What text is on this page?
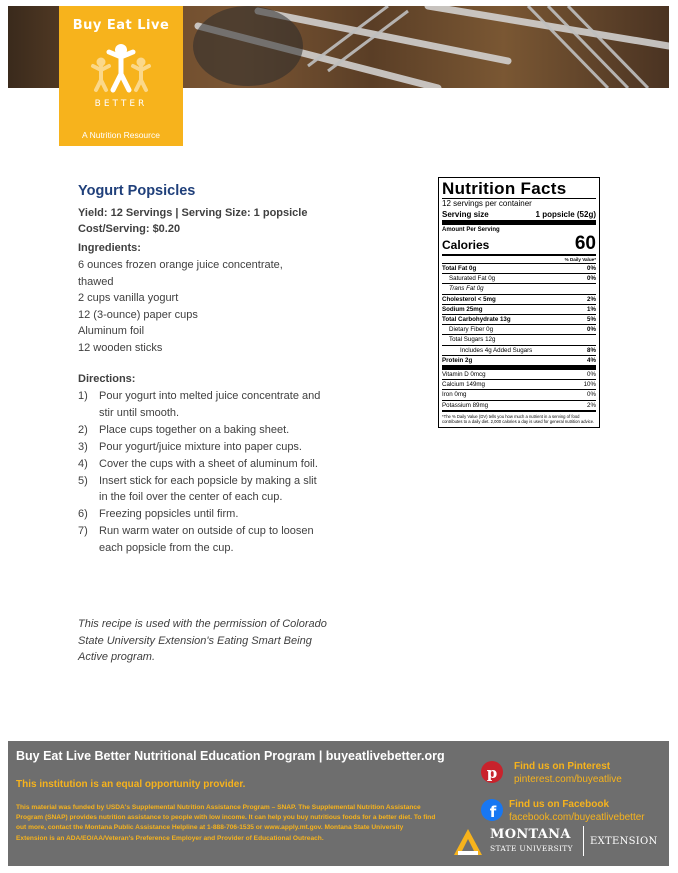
Buy Eat Live
BETTER
A Nutrition Resource
Yogurt Popsicles
Yield: 12 Servings | Serving Size: 1 popsicle
Cost/Serving: $0.20
Ingredients:
6 ounces frozen orange juice concentrate, thawed
2 cups vanilla yogurt
12 (3-ounce) paper cups
Aluminum foil
12 wooden sticks
Directions:
1)	Pour yogurt into melted juice concentrate and stir until smooth.
2)	Place cups together on a baking sheet.
3)	Pour yogurt/juice mixture into paper cups.
4)	Cover the cups with a sheet of aluminum foil.
5)	Insert stick for each popsicle by making a slit in the foil over the center of each cup.
6)	Freezing popsicles until firm.
7)	Run warm water on outside of cup to loosen each popsicle from the cup.
This recipe is used with the permission of Colorado State University Extension's Eating Smart Being Active program.
Nutrition Facts
12 servings per container
Serving size	1 popsicle (52g)
Amount Per Serving
Calories	60
% Daily Value*
Total Fat 0g	0%
Saturated Fat 0g	0%
Trans Fat 0g
Cholesterol < 5mg	2%
Sodium 25mg	1%
Total Carbohydrate 13g	5%
Dietary Fiber 0g	0%
Total Sugars 12g
Includes 4g Added Sugars	8%
Protein 2g	4%
Vitamin D 0mcg	0%
Calcium 149mg	10%
Iron 0mg	0%
Potassium 89mg	2%
*The % Daily Value (DV) tells you how much a nutrient in a serving of food contributes to a daily diet. 2,000 calories a day is used for general nutrition advice.
Buy Eat Live Better Nutritional Education Program | buyeatlivebetter.org
This institution is an equal opportunity provider.
This material was funded by USDA's Supplemental Nutrition Assistance Program – SNAP. The Supplemental Nutrition Assistance Program (SNAP) provides nutrition assistance to people with low income. It can help you buy nutritious foods for a better diet. To find out more, contact the Montana Public Assistance Helpline at 1-888-706-1535 or www.apply.mt.gov. Montana State University Extension is an ADA/EO/AA/Veteran's Preference Employer and Provider of Educational Outreach.
p Find us on Pinterest
pinterest.com/buyeatlive
f Find us on Facebook
facebook.com/buyeatlivebetter
MONTANA
STATE UNIVERSITY
EXTENSION
